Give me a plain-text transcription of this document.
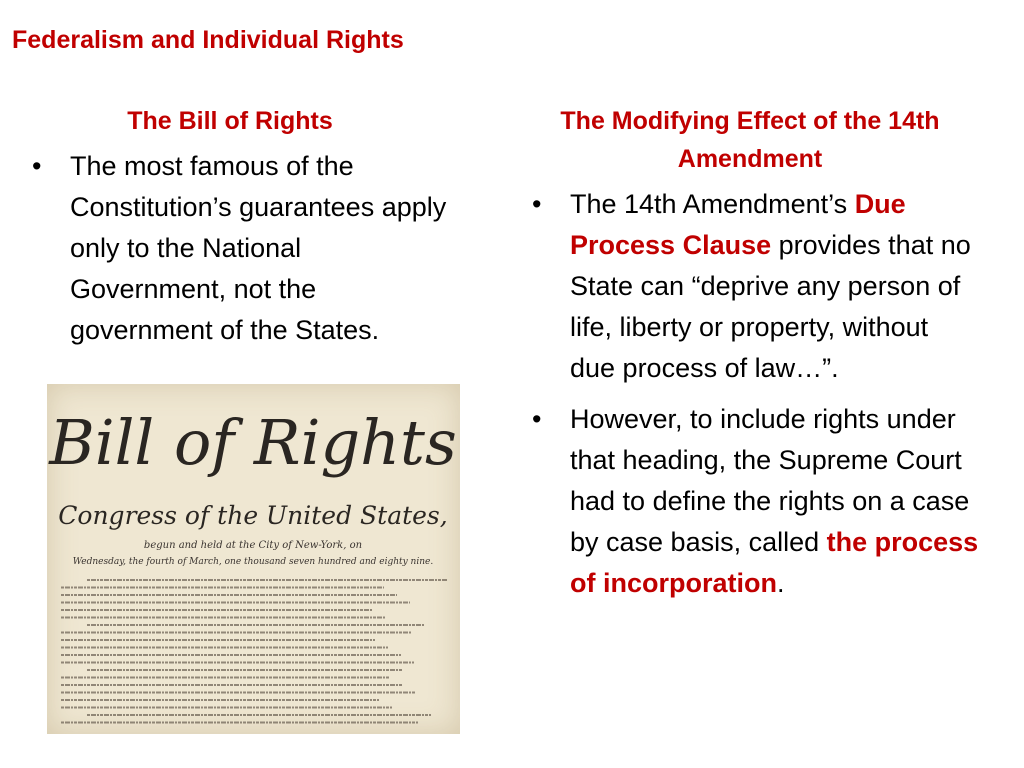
Federalism and Individual Rights
The Bill of Rights
• The most famous of the Constitution’s guarantees apply only to the National Government, not the government of the States.
Bill of Rights
Congress of the United States,
begun and held at the City of New-York, on
Wednesday, the fourth of March, one thousand seven hundred and eighty nine.
The Modifying Effect of the 14th Amendment
• The 14th Amendment’s Due Process Clause provides that no State can “deprive any person of life, liberty or property, without due process of law…”.
• However, to include rights under that heading, the Supreme Court had to define the rights on a case by case basis, called the process of incorporation.
